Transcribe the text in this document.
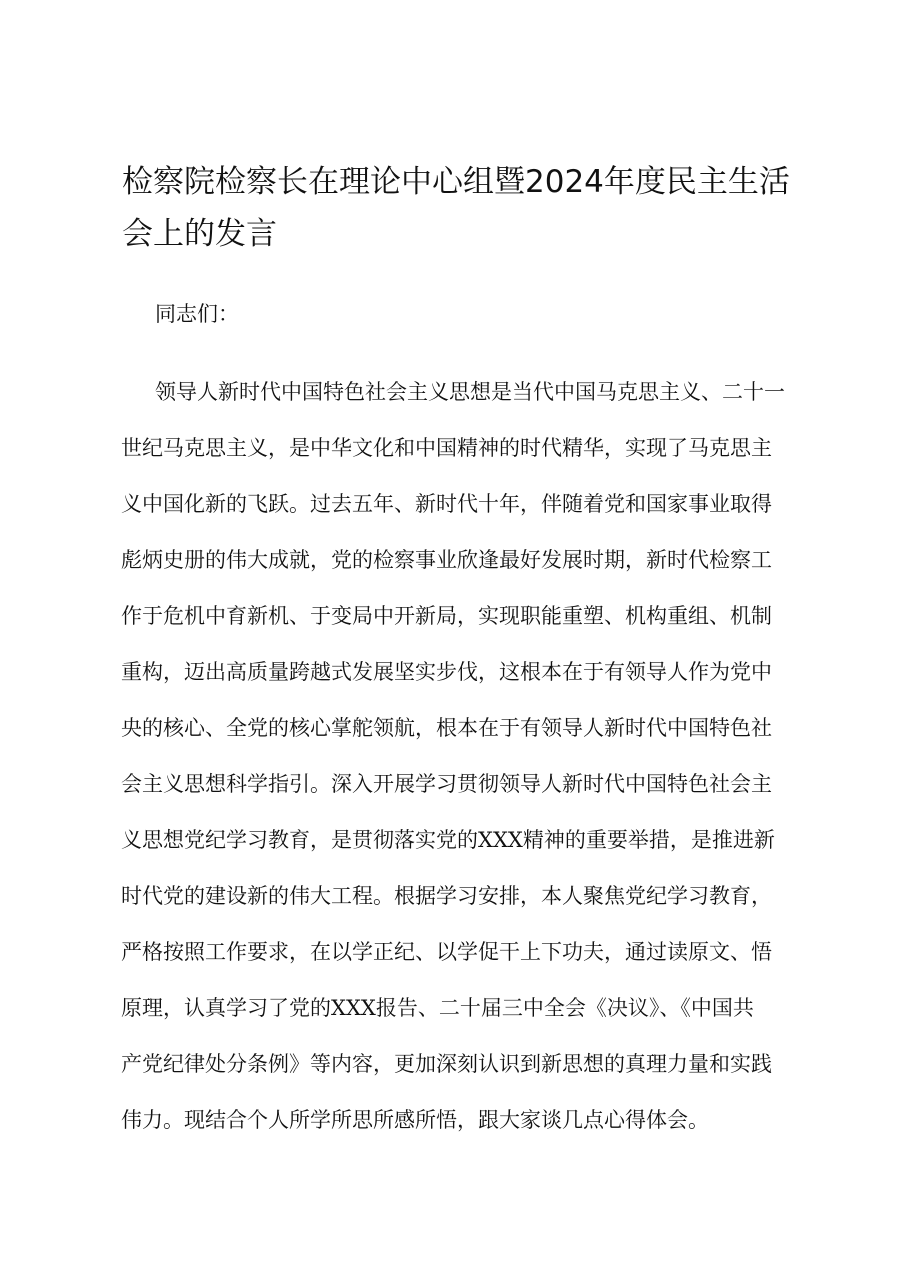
检察院检察长在理论中心组暨2024年度民主生活
会上的发言

同志们：

领导人新时代中国特色社会主义思想是当代中国马克思主义、二十一
世纪马克思主义，是中华文化和中国精神的时代精华，实现了马克思主
义中国化新的飞跃。过去五年、新时代十年，伴随着党和国家事业取得
彪炳史册的伟大成就，党的检察事业欣逢最好发展时期，新时代检察工
作于危机中育新机、于变局中开新局，实现职能重塑、机构重组、机制
重构，迈出高质量跨越式发展坚实步伐，这根本在于有领导人作为党中
央的核心、全党的核心掌舵领航，根本在于有领导人新时代中国特色社
会主义思想科学指引。深入开展学习贯彻领导人新时代中国特色社会主
义思想党纪学习教育，是贯彻落实党的XXX精神的重要举措，是推进新
时代党的建设新的伟大工程。根据学习安排，本人聚焦党纪学习教育，
严格按照工作要求，在以学正纪、以学促干上下功夫，通过读原文、悟
原理，认真学习了党的XXX报告、二十届三中全会《决议》、《中国共
产党纪律处分条例》等内容，更加深刻认识到新思想的真理力量和实践
伟力。现结合个人所学所思所感所悟，跟大家谈几点心得体会。
